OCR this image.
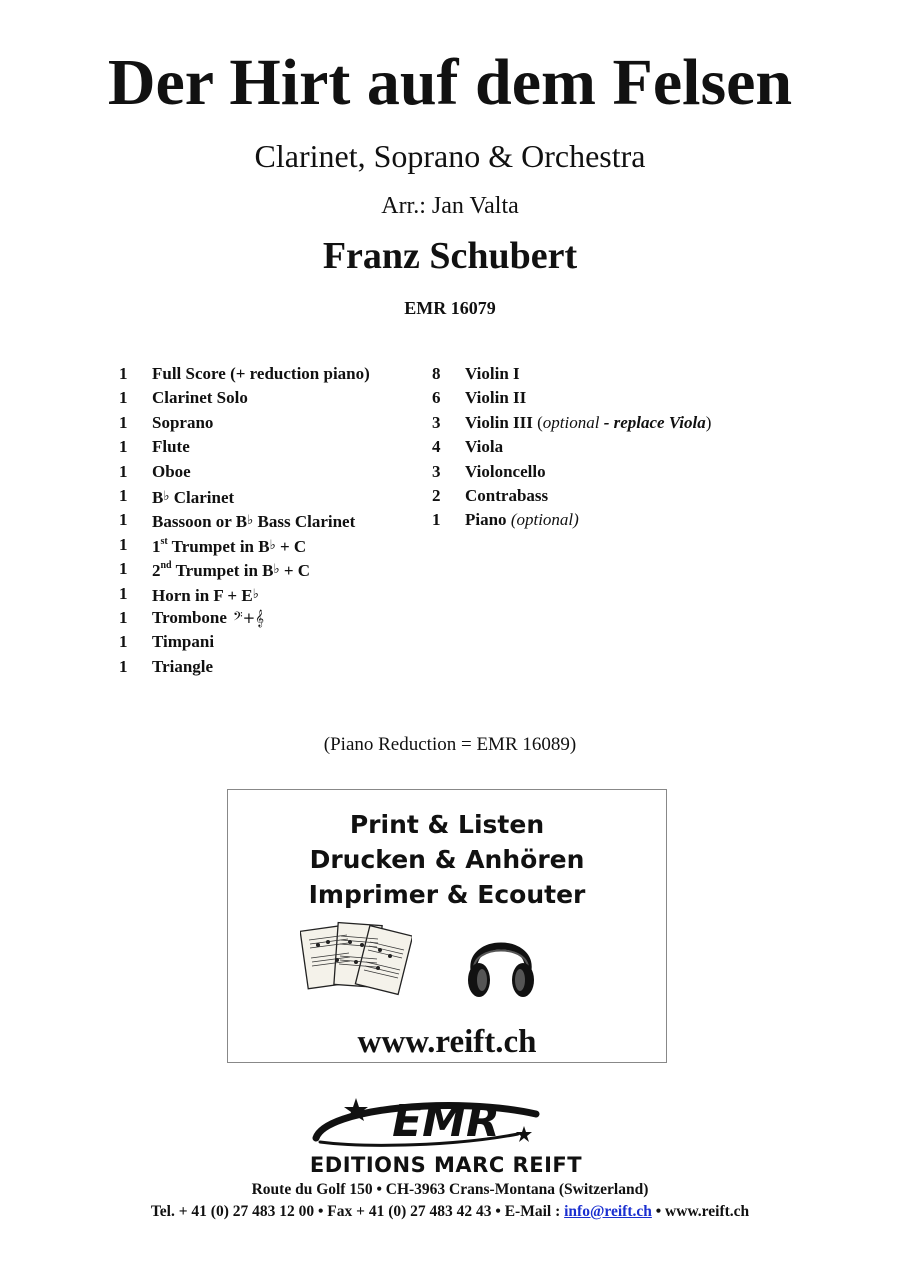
Der Hirt auf dem Felsen
Clarinet, Soprano & Orchestra
Arr.: Jan Valta
Franz Schubert
EMR 16079
1	Full Score (+ reduction piano)
1	Clarinet Solo
1	Soprano
1	Flute
1	Oboe
1	B♭ Clarinet
1	Bassoon or B♭ Bass Clarinet
1	1st Trumpet in B♭ + C
1	2nd Trumpet in B♭ + C
1	Horn in F + E♭
1	Trombone 𝄢+𝄞
1	Timpani
1	Triangle
8	Violin I
6	Violin II
3	Violin III (optional - replace Viola)
4	Viola
3	Violoncello
2	Contrabass
1	Piano (optional)
(Piano Reduction = EMR 16089)
Print & Listen
Drucken & Anhören
Imprimer & Ecouter
www.reift.ch
EMR
EDITIONS MARC REIFT
Route du Golf 150 • CH-3963 Crans-Montana (Switzerland)
Tel. + 41 (0) 27 483 12 00 • Fax + 41 (0) 27 483 42 43 • E-Mail : info@reift.ch • www.reift.ch
